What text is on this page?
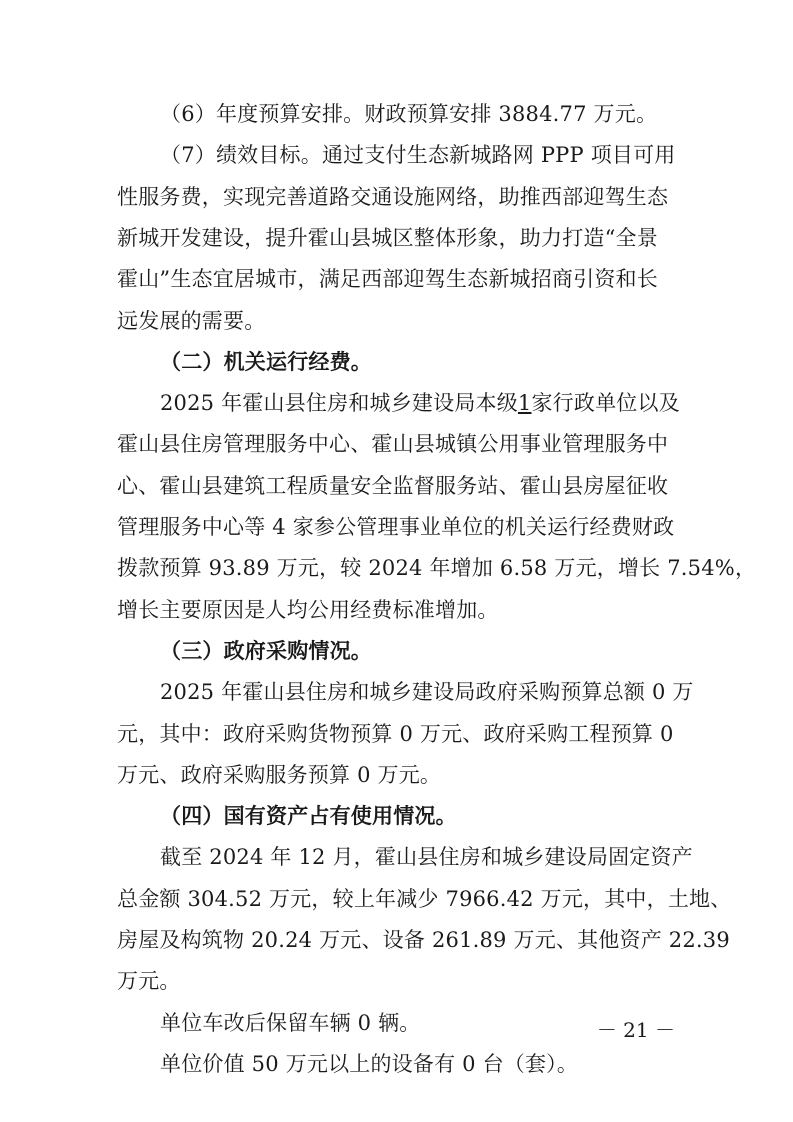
（6）年度预算安排。财政预算安排 3884.77 万元。
（7）绩效目标。通过支付生态新城路网 PPP 项目可用
性服务费，实现完善道路交通设施网络，助推西部迎驾生态
新城开发建设，提升霍山县城区整体形象，助力打造“全景
霍山”生态宜居城市，满足西部迎驾生态新城招商引资和长
远发展的需要。
（二）机关运行经费。
2025 年霍山县住房和城乡建设局本级1家行政单位以及
霍山县住房管理服务中心、霍山县城镇公用事业管理服务中
心、霍山县建筑工程质量安全监督服务站、霍山县房屋征收
管理服务中心等 4 家参公管理事业单位的机关运行经费财政
拨款预算 93.89 万元，较 2024 年增加 6.58 万元，增长 7.54%，
增长主要原因是人均公用经费标准增加。
（三）政府采购情况。
2025 年霍山县住房和城乡建设局政府采购预算总额 0 万
元，其中：政府采购货物预算 0 万元、政府采购工程预算 0
万元、政府采购服务预算 0 万元。
（四）国有资产占有使用情况。
截至 2024 年 12 月，霍山县住房和城乡建设局固定资产
总金额 304.52 万元，较上年减少 7966.42 万元，其中，土地、
房屋及构筑物 20.24 万元、设备 261.89 万元、其他资产 22.39
万元。
单位车改后保留车辆 0 辆。
单位价值 50 万元以上的设备有 0 台（套）。
－ 21 －
